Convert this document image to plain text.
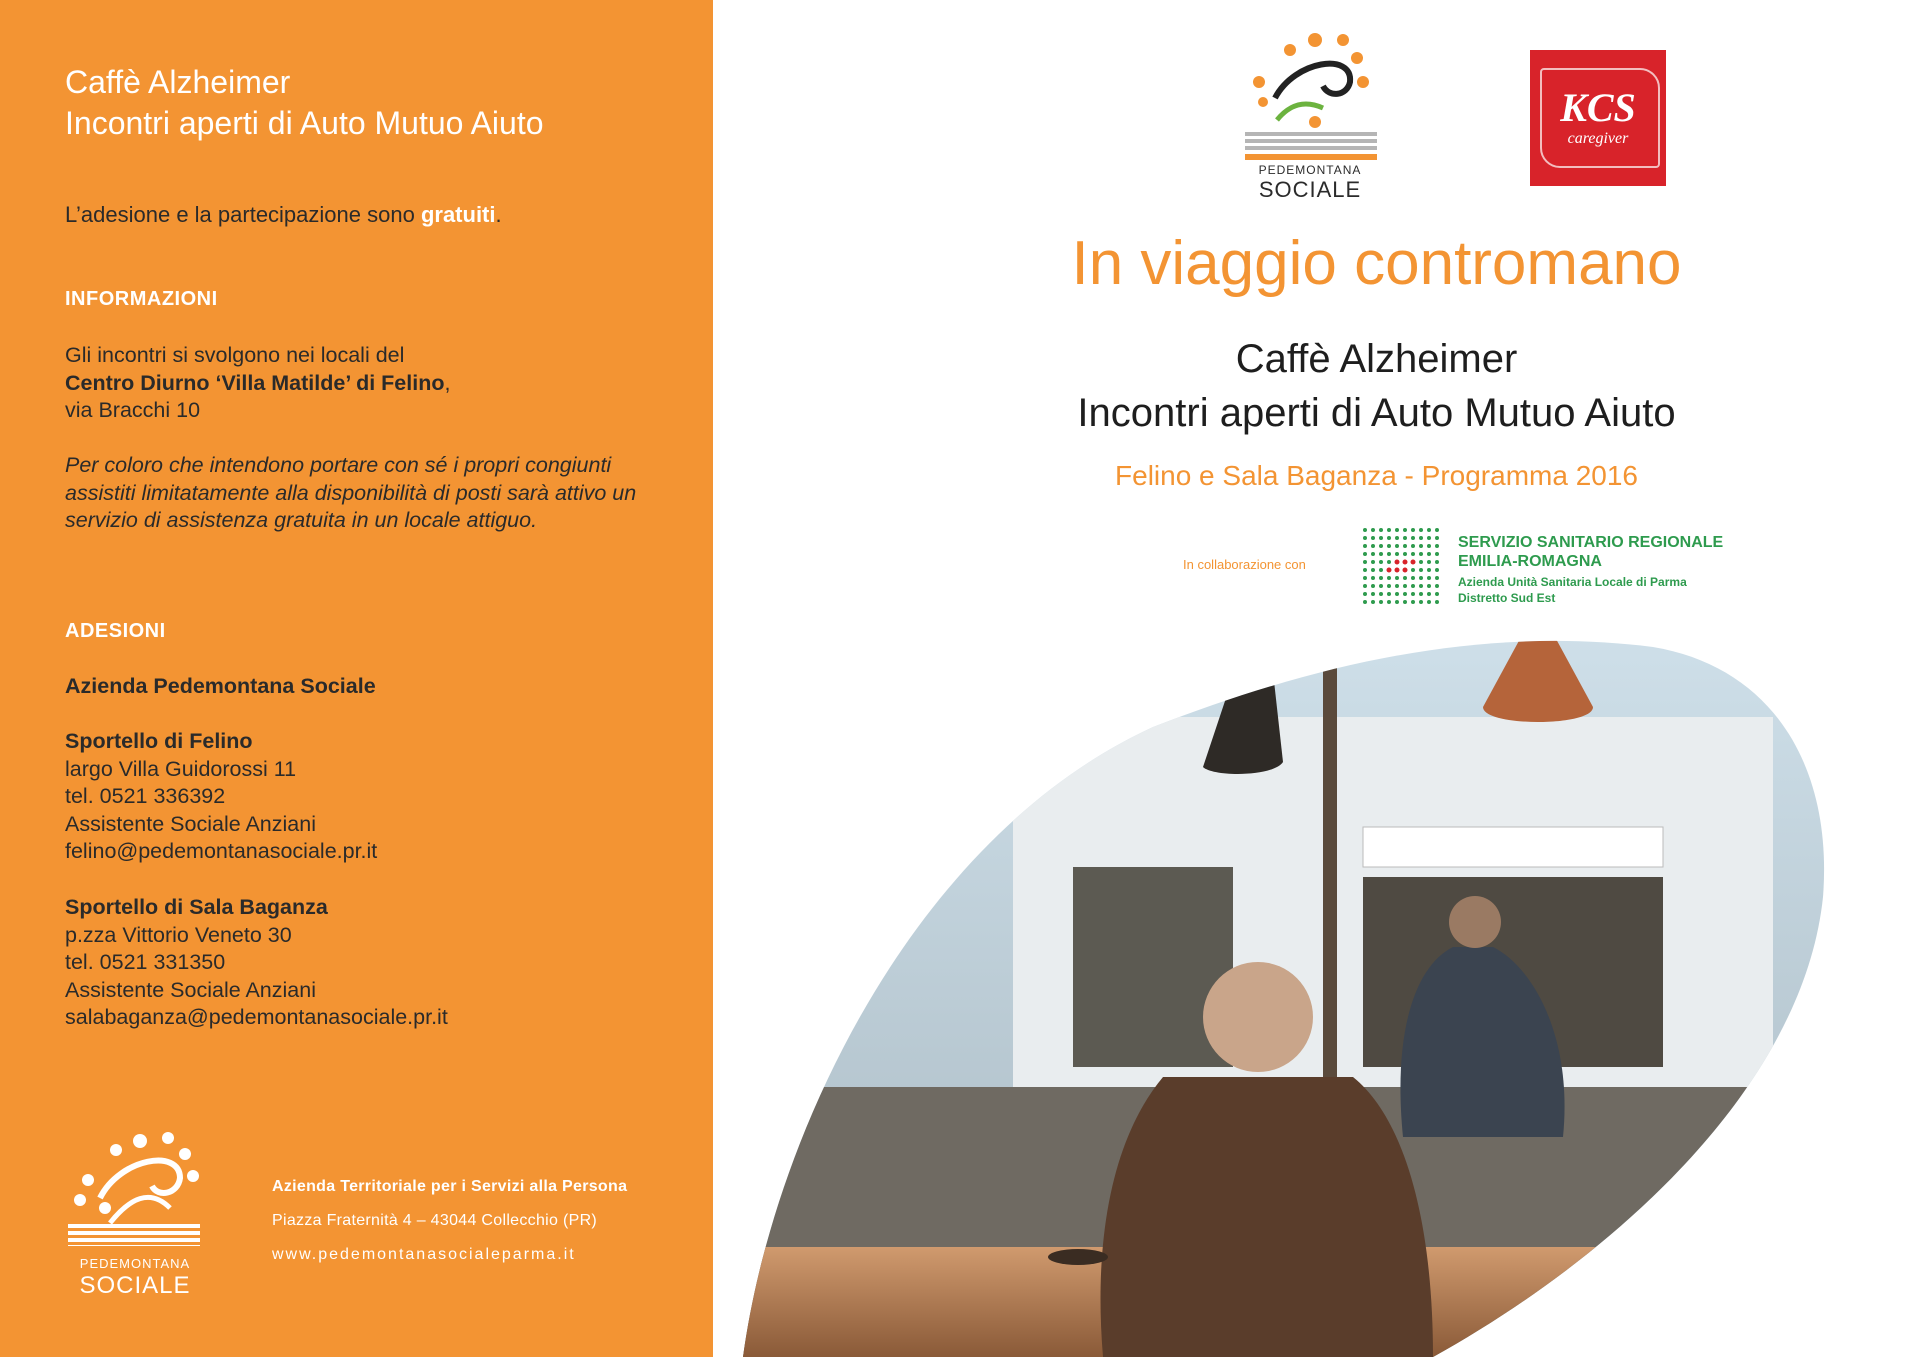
Caffè Alzheimer
Incontri aperti di Auto Mutuo Aiuto

L’adesione e la partecipazione sono gratuiti.

INFORMAZIONI

Gli incontri si svolgono nei locali del
Centro Diurno ‘Villa Matilde’ di Felino,
via Bracchi 10

Per coloro che intendono portare con sé i propri congiunti assistiti limitatamente alla disponibilità di posti sarà attivo un servizio di assistenza gratuita in un locale attiguo.

ADESIONI

Azienda Pedemontana Sociale

Sportello di Felino
largo Villa Guidorossi 11
tel. 0521 336392
Assistente Sociale Anziani
felino@pedemontanasociale.pr.it

Sportello di Sala Baganza
p.zza Vittorio Veneto 30
tel. 0521 331350
Assistente Sociale Anziani
salabaganza@pedemontanasociale.pr.it

PEDEMONTANA
SOCIALE
Azienda Territoriale per i Servizi alla Persona
Piazza Fraternità 4 – 43044 Collecchio (PR)
www.pedemontanasocialeparma.it
PEDEMONTANA
SOCIALE
KCS
caregiver
In viaggio contromano
Caffè Alzheimer
Incontri aperti di Auto Mutuo Aiuto
Felino e Sala Baganza - Programma 2016
In collaborazione con
SERVIZIO SANITARIO REGIONALE
EMILIA-ROMAGNA
Azienda Unità Sanitaria Locale di Parma
Distretto Sud Est
